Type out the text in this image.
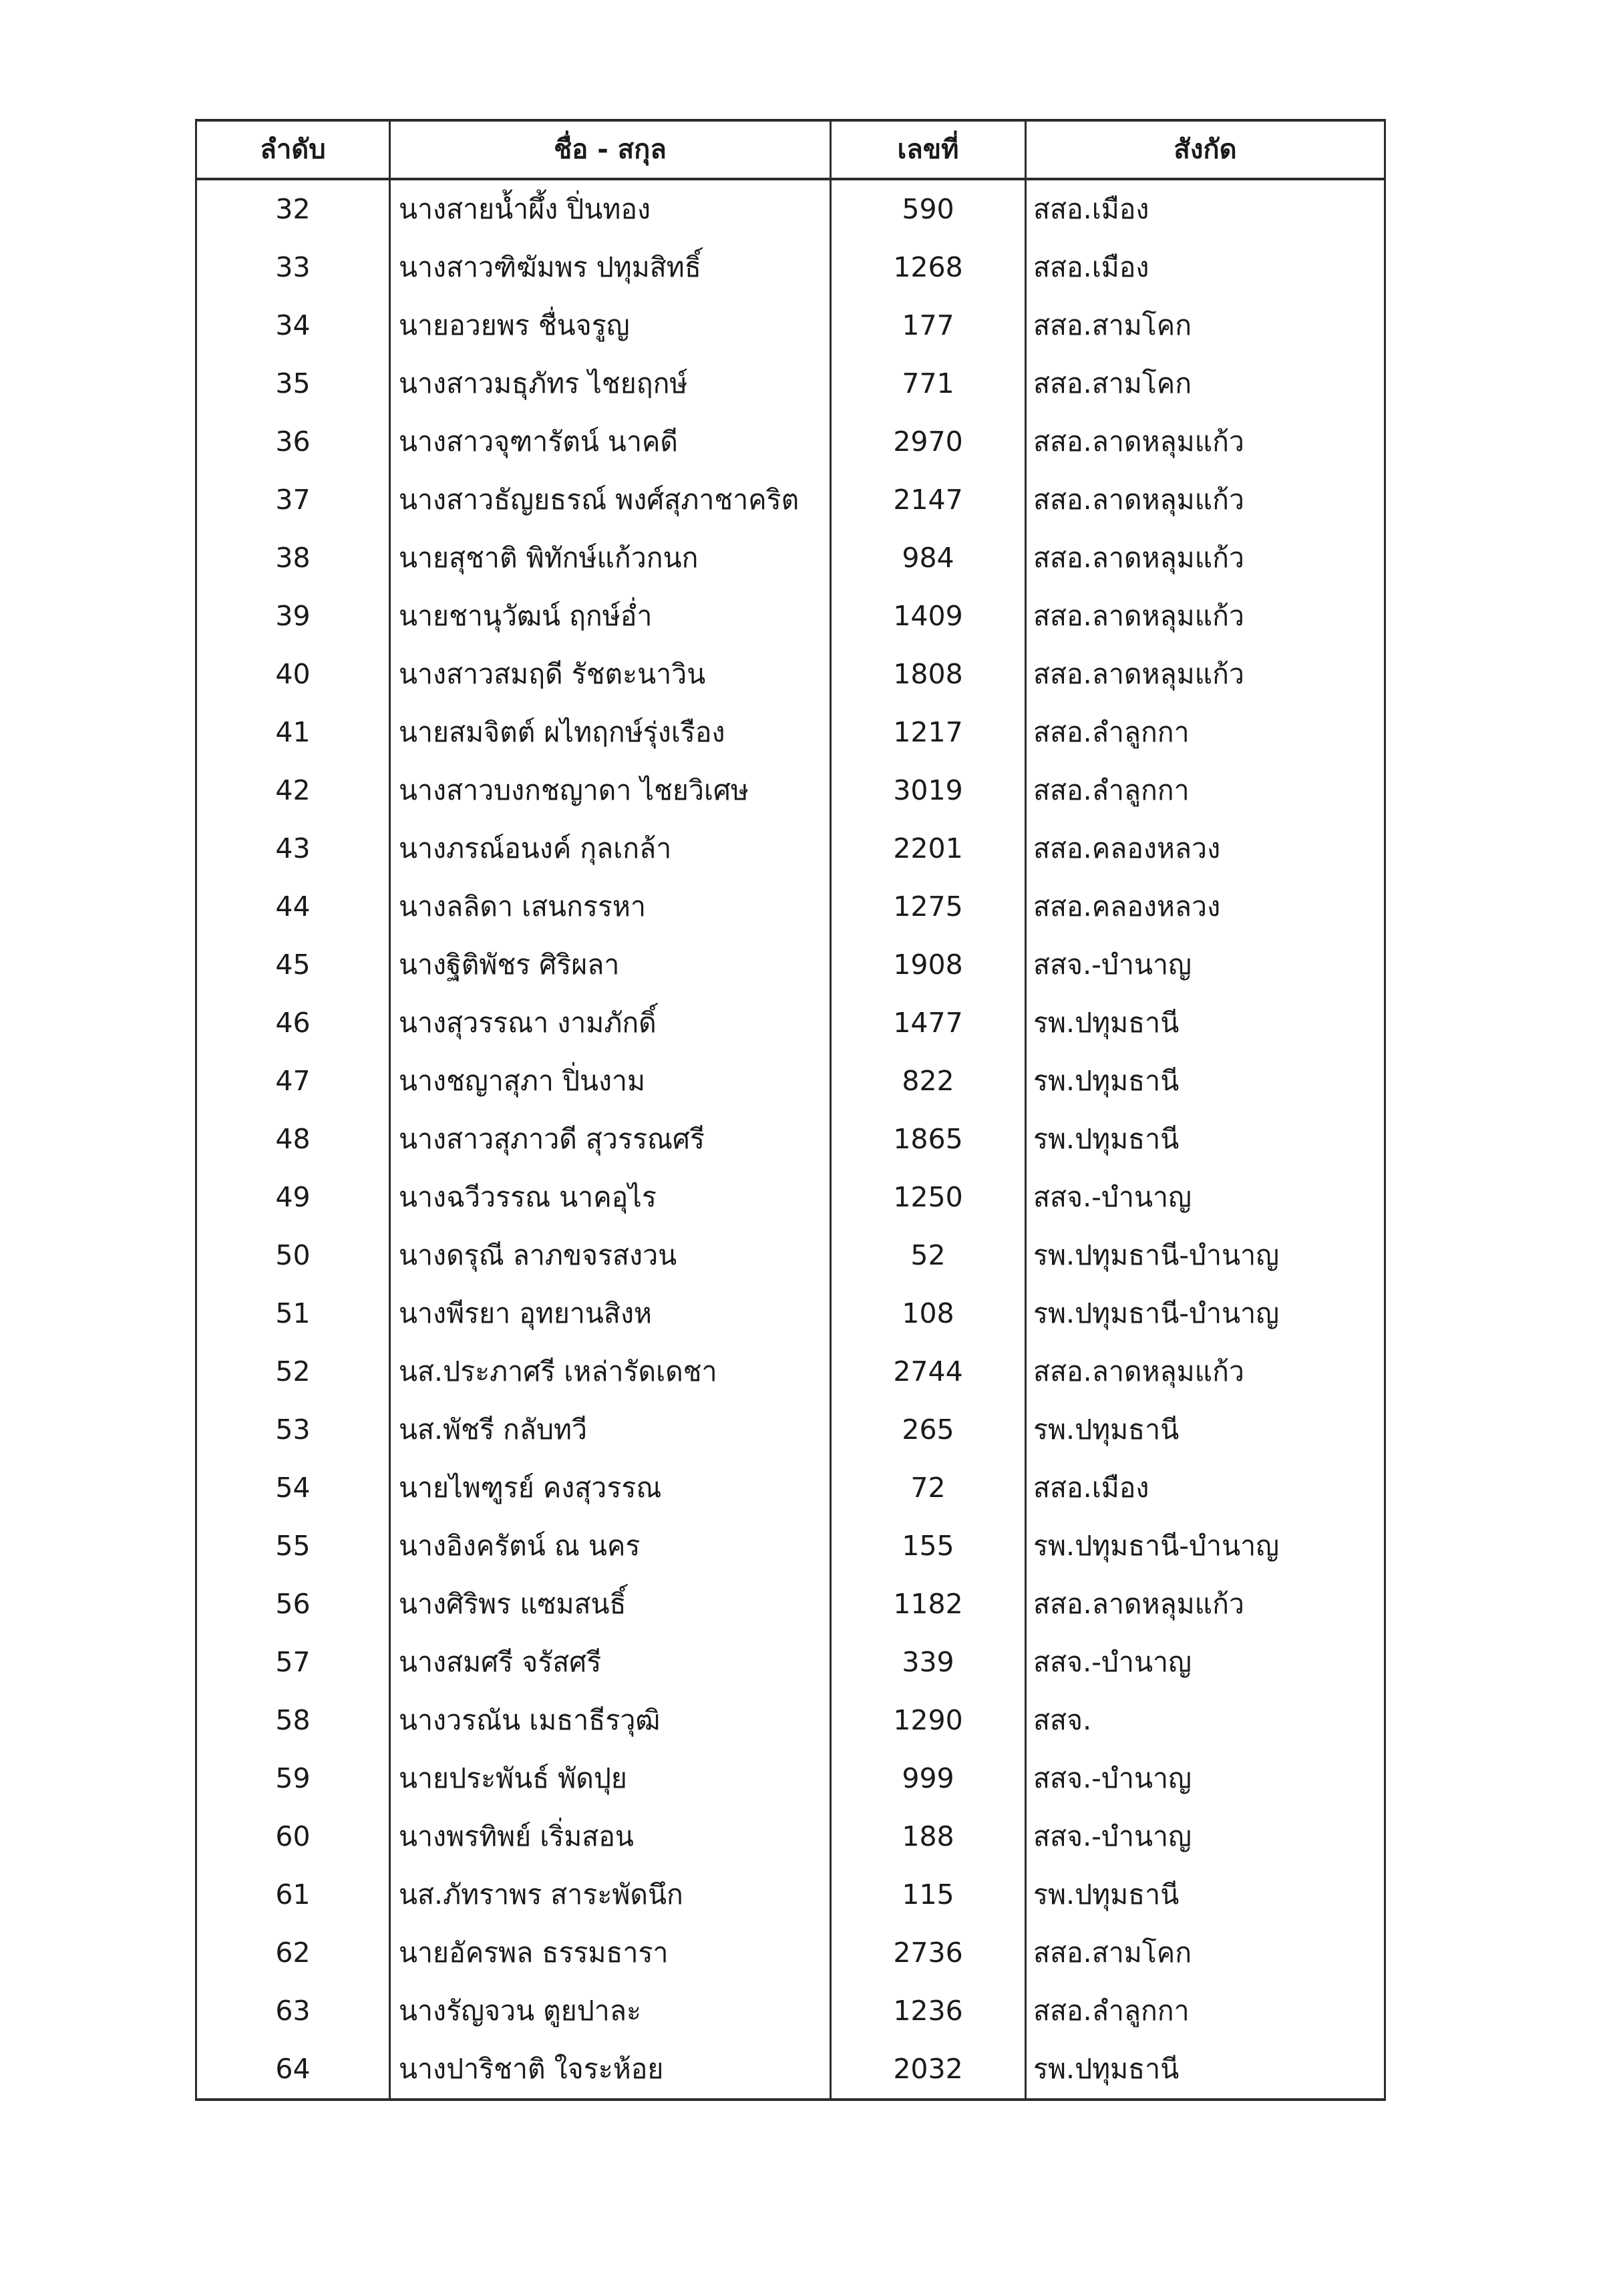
ลำดับ	ชื่อ - สกุล	เลขที่	สังกัด
32	นางสายน้ำผึ้ง ปิ่นทอง	590	สสอ.เมือง
33	นางสาวฑิฆัมพร ปทุมสิทธิ์	1268	สสอ.เมือง
34	นายอวยพร ชื่นจรูญ	177	สสอ.สามโคก
35	นางสาวมธุภัทร ไชยฤกษ์	771	สสอ.สามโคก
36	นางสาวจุฑารัตน์ นาคดี	2970	สสอ.ลาดหลุมแก้ว
37	นางสาวธัญยธรณ์ พงศ์สุภาชาคริต	2147	สสอ.ลาดหลุมแก้ว
38	นายสุชาติ พิทักษ์แก้วกนก	984	สสอ.ลาดหลุมแก้ว
39	นายชานุวัฒน์ ฤกษ์อ่ำ	1409	สสอ.ลาดหลุมแก้ว
40	นางสาวสมฤดี รัชตะนาวิน	1808	สสอ.ลาดหลุมแก้ว
41	นายสมจิตต์ ผไทฤกษ์รุ่งเรือง	1217	สสอ.ลำลูกกา
42	นางสาวบงกชญาดา ไชยวิเศษ	3019	สสอ.ลำลูกกา
43	นางภรณ์อนงค์ กุลเกล้า	2201	สสอ.คลองหลวง
44	นางลลิดา เสนกรรหา	1275	สสอ.คลองหลวง
45	นางฐิติพัชร ศิริผลา	1908	สสจ.-บำนาญ
46	นางสุวรรณา งามภักดิ์	1477	รพ.ปทุมธานี
47	นางชญาสุภา ปิ่นงาม	822	รพ.ปทุมธานี
48	นางสาวสุภาวดี สุวรรณศรี	1865	รพ.ปทุมธานี
49	นางฉวีวรรณ นาคอุไร	1250	สสจ.-บำนาญ
50	นางดรุณี ลาภขจรสงวน	52	รพ.ปทุมธานี-บำนาญ
51	นางพีรยา อุทยานสิงห	108	รพ.ปทุมธานี-บำนาญ
52	นส.ประภาศรี เหล่ารัดเดชา	2744	สสอ.ลาดหลุมแก้ว
53	นส.พัชรี กลับทวี	265	รพ.ปทุมธานี
54	นายไพฑูรย์ คงสุวรรณ	72	สสอ.เมือง
55	นางอิงครัตน์ ณ นคร	155	รพ.ปทุมธานี-บำนาญ
56	นางศิริพร แซมสนธิ์	1182	สสอ.ลาดหลุมแก้ว
57	นางสมศรี จรัสศรี	339	สสจ.-บำนาญ
58	นางวรณัน เมธาธีรวุฒิ	1290	สสจ.
59	นายประพันธ์ พัดปุย	999	สสจ.-บำนาญ
60	นางพรทิพย์ เริ่มสอน	188	สสจ.-บำนาญ
61	นส.ภัทราพร สาระพัดนึก	115	รพ.ปทุมธานี
62	นายอัครพล ธรรมธารา	2736	สสอ.สามโคก
63	นางรัญจวน ตูยปาละ	1236	สสอ.ลำลูกกา
64	นางปาริชาติ ใจระห้อย	2032	รพ.ปทุมธานี
